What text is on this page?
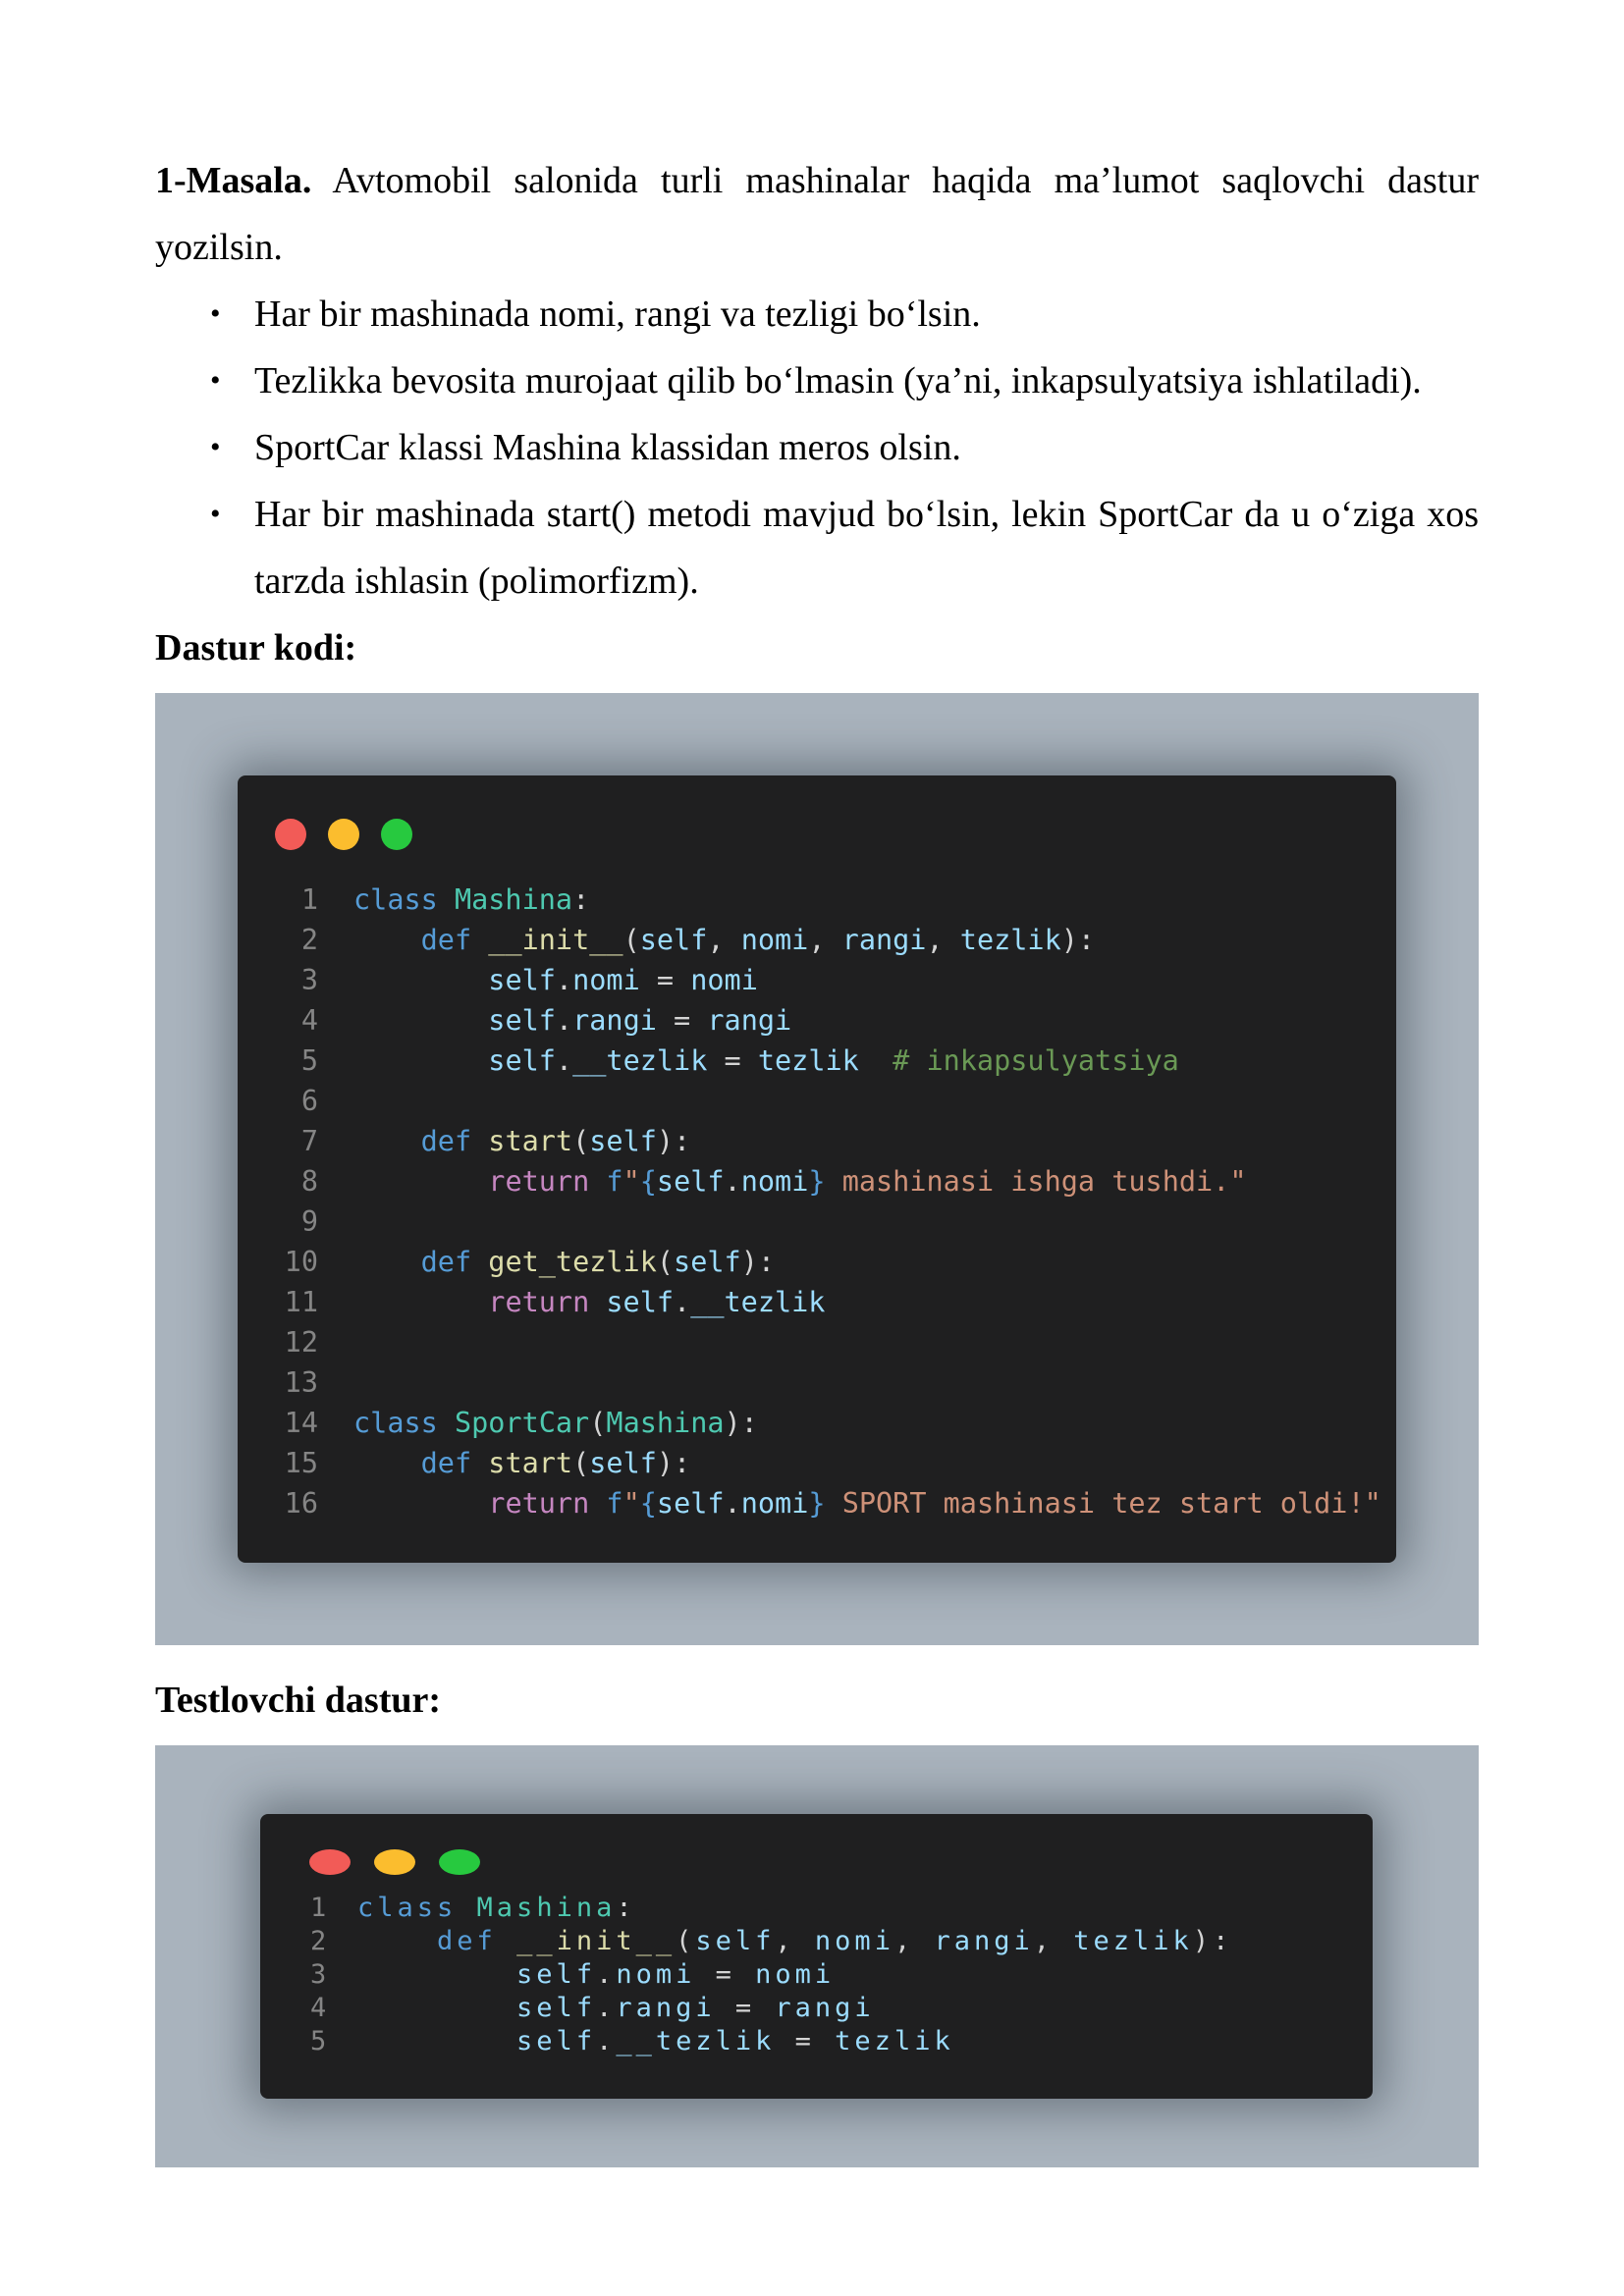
1-Masala. Avtomobil salonida turli mashinalar haqida ma’lumot saqlovchi dastur yozilsin.

• Har bir mashinada nomi, rangi va tezligi bo‘lsin.
• Tezlikka bevosita murojaat qilib bo‘lmasin (ya’ni, inkapsulyatsiya ishlatiladi).
• SportCar klassi Mashina klassidan meros olsin.
• Har bir mashinada start() metodi mavjud bo‘lsin, lekin SportCar da u o‘ziga xos tarzda ishlasin (polimorfizm).

Dastur kodi:

1 class Mashina:
2	def __init__(self, nomi, rangi, tezlik):
3	self.nomi = nomi
4	self.rangi = rangi
5	self.__tezlik = tezlik # inkapsulyatsiya
6
7	def start(self):
8	return f"{self.nomi} mashinasi ishga tushdi."
9
10	def get_tezlik(self):
11	return self.__tezlik
12
13
14 class SportCar(Mashina):
15	def start(self):
16	return f"{self.nomi} SPORT mashinasi tez start oldi!"

Testlovchi dastur:

1 class Mashina:
2	def __init__(self, nomi, rangi, tezlik):
3	self.nomi = nomi
4	self.rangi = rangi
5	self.__tezlik = tezlik
